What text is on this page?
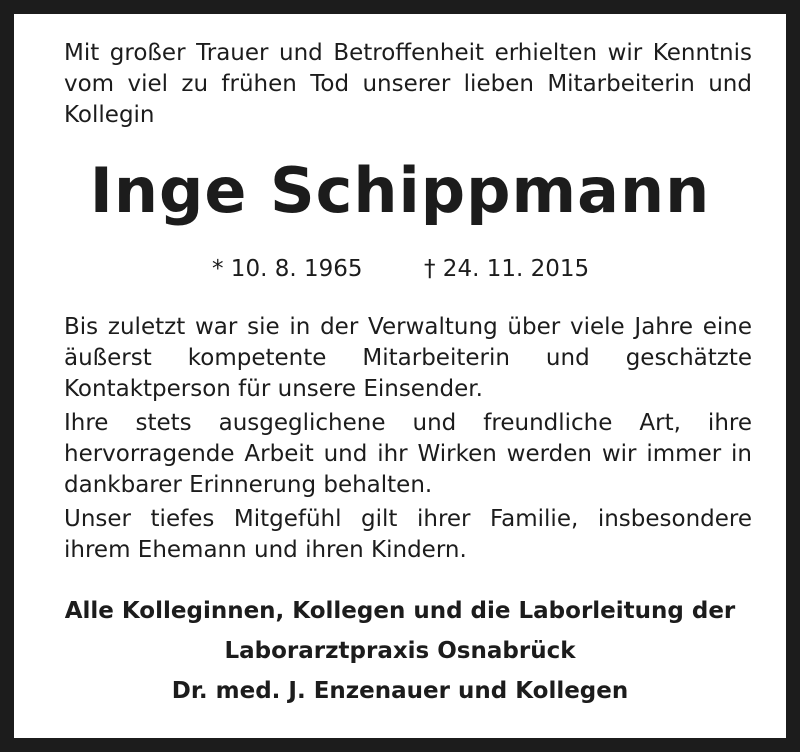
Mit großer Trauer und Betroffenheit erhielten wir Kenntnis vom viel zu frühen Tod unserer lieben Mitarbeiterin und Kollegin

Inge Schippmann
* 10. 8. 1965	† 24. 11. 2015

Bis zuletzt war sie in der Verwaltung über viele Jahre eine äußerst kompetente Mitarbeiterin und geschätzte Kontaktperson für unsere Einsender.

Ihre stets ausgeglichene und freundliche Art, ihre hervorragende Arbeit und ihr Wirken werden wir immer in dankbarer Erinnerung behalten.

Unser tiefes Mitgefühl gilt ihrer Familie, insbesondere ihrem Ehemann und ihren Kindern.

Alle Kolleginnen, Kollegen und die Laborleitung der
Laborarztpraxis Osnabrück
Dr. med. J. Enzenauer und Kollegen
